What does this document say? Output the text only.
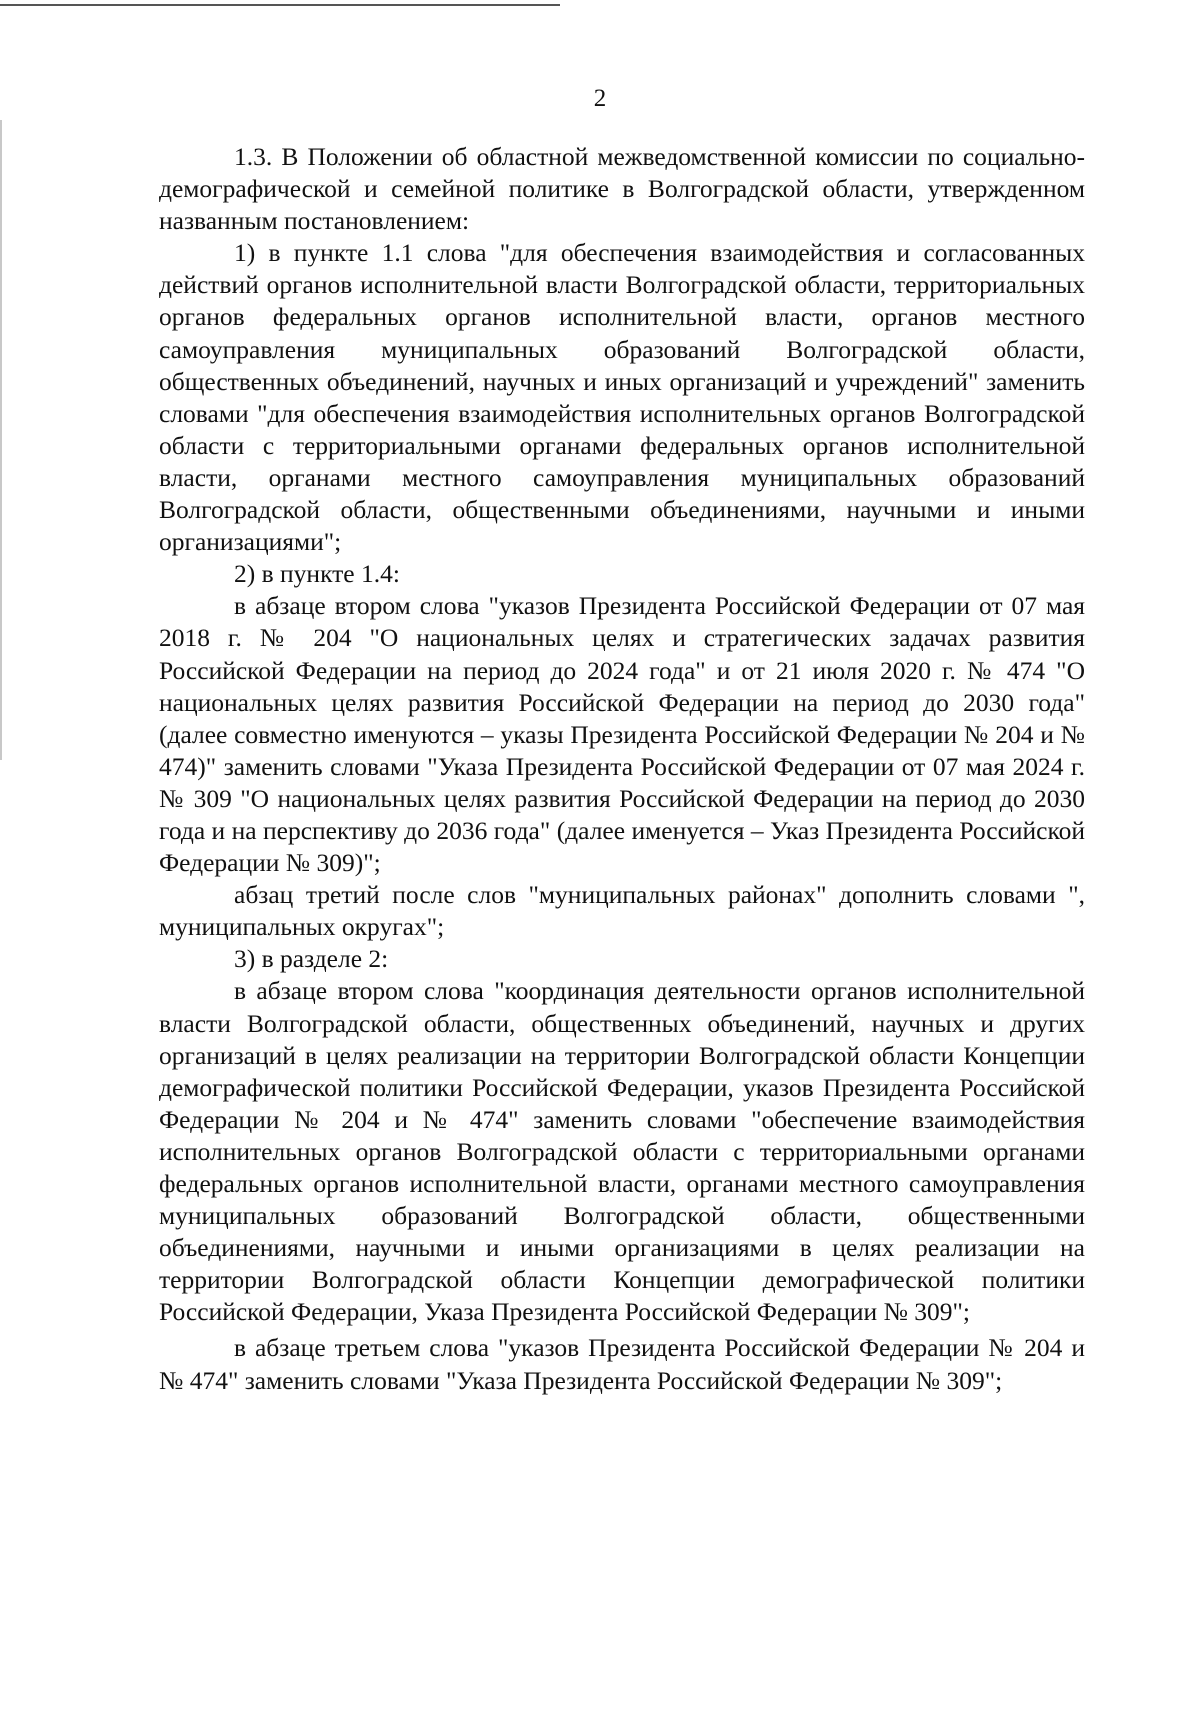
2

1.3. В Положении об областной межведомственной комиссии по социально-демографической и семейной политике в Волгоградской области, утвержденном названным постановлением:

1) в пункте 1.1 слова "для обеспечения взаимодействия и согласованных действий органов исполнительной власти Волгоградской области, территориальных органов федеральных органов исполнительной власти, органов местного самоуправления муниципальных образований Волгоградской области, общественных объединений, научных и иных организаций и учреждений" заменить словами "для обеспечения взаимодействия исполнительных органов Волгоградской области с территориальными органами федеральных органов исполнительной власти, органами местного самоуправления муниципальных образований Волгоградской области, общественными объединениями, научными и иными организациями";

2) в пункте 1.4:

в абзаце втором слова "указов Президента Российской Федерации от 07 мая 2018 г. № 204 "О национальных целях и стратегических задачах развития Российской Федерации на период до 2024 года" и от 21 июля 2020 г. № 474 "О национальных целях развития Российской Федерации на период до 2030 года" (далее совместно именуются – указы Президента Российской Федерации № 204 и № 474)" заменить словами "Указа Президента Российской Федерации от 07 мая 2024 г. № 309 "О национальных целях развития Российской Федерации на период до 2030 года и на перспективу до 2036 года" (далее именуется – Указ Президента Российской Федерации № 309)";

абзац третий после слов "муниципальных районах" дополнить словами ", муниципальных округах";

3) в разделе 2:

в абзаце втором слова "координация деятельности органов исполнительной власти Волгоградской области, общественных объединений, научных и других организаций в целях реализации на территории Волгоградской области Концепции демографической политики Российской Федерации, указов Президента Российской Федерации № 204 и № 474" заменить словами "обеспечение взаимодействия исполнительных органов Волгоградской области с территориальными органами федеральных органов исполнительной власти, органами местного самоуправления муниципальных образований Волгоградской области, общественными объединениями, научными и иными организациями в целях реализации на территории Волгоградской области Концепции демографической политики Российской Федерации, Указа Президента Российской Федерации № 309";

в абзаце третьем слова "указов Президента Российской Федерации № 204 и № 474" заменить словами "Указа Президента Российской Федерации № 309";
